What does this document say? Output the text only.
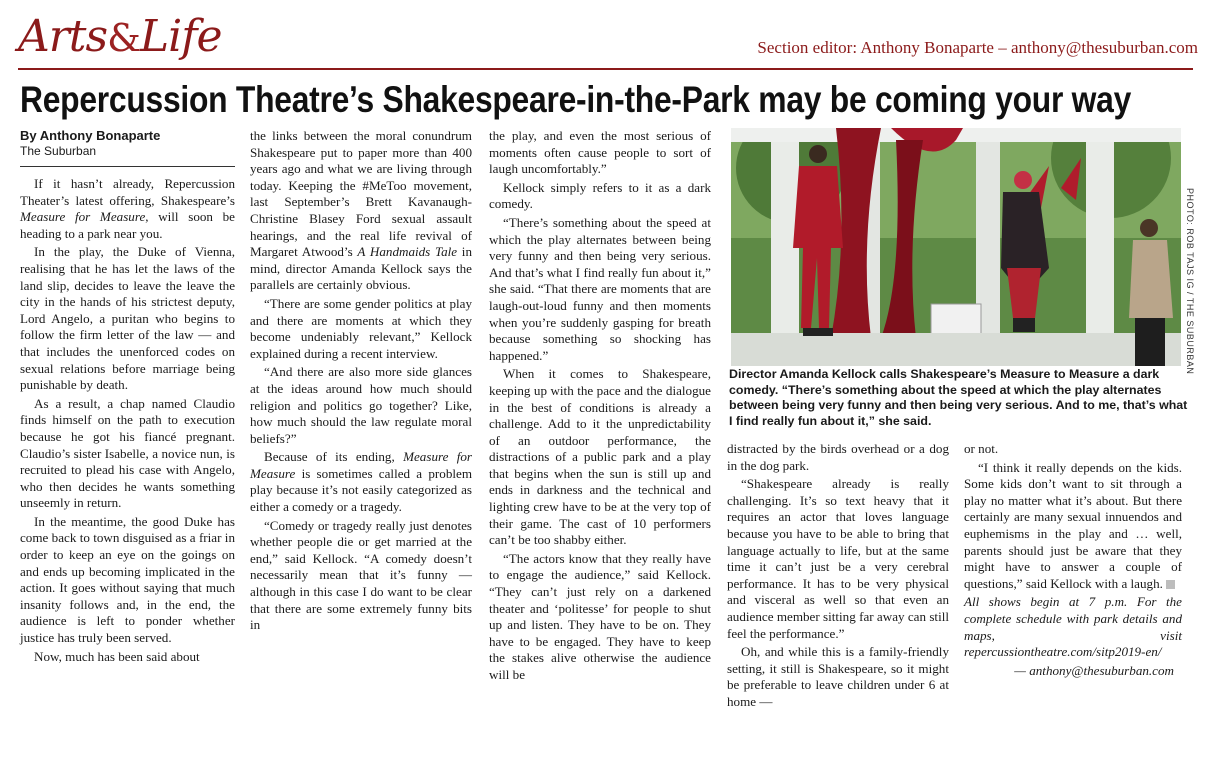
Arts&Life	Section editor: Anthony Bonaparte – anthony@thesuburban.com
Repercussion Theatre’s Shakespeare-in-the-Park may be coming your way
By Anthony Bonaparte
The Suburban

If it hasn’t already, Repercussion Theater’s latest offering, Shakespeare’s Measure for Measure, will soon be heading to a park near you.

In the play, the Duke of Vienna, realising that he has let the laws of the land slip, decides to leave the leave the city in the hands of his strictest deputy, Lord Angelo, a puritan who begins to follow the firm letter of the law — and that includes the unenforced codes on sexual relations before marriage being punishable by death.

As a result, a chap named Claudio finds himself on the path to execution because he got his fiancé pregnant. Claudio’s sister Isabelle, a novice nun, is recruited to plead his case with Angelo, who then decides he wants something unseemly in return.

In the meantime, the good Duke has come back to town disguised as a friar in order to keep an eye on the goings on and ends up becoming implicated in the action. It goes without saying that much insanity follows and, in the end, the audience is left to ponder whether justice has truly been served.

Now, much has been said about

the links between the moral conundrum Shakespeare put to paper more than 400 years ago and what we are living through today. Keeping the #MeToo movement, last September’s Brett Kavanaugh-Christine Blasey Ford sexual assault hearings, and the real life revival of Margaret Atwood’s A Handmaids Tale in mind, director Amanda Kellock says the parallels are certainly obvious.

“There are some gender politics at play and there are moments at which they become undeniably relevant,” Kellock explained during a recent interview.

“And there are also more side glances at the ideas around how much should religion and politics go together? Like, how much should the law regulate moral beliefs?”

Because of its ending, Measure for Measure is sometimes called a problem play because it’s not easily categorized as either a comedy or a tragedy.

“Comedy or tragedy really just denotes whether people die or get married at the end,” said Kellock. “A comedy doesn’t necessarily mean that it’s funny — although in this case I do want to be clear that there are some extremely funny bits in

the play, and even the most serious of moments often cause people to sort of laugh uncomfortably.”

Kellock simply refers to it as a dark comedy.

“There’s something about the speed at which the play alternates between being very funny and then being very serious. And that’s what I find really fun about it,” she said. “That there are moments that are laugh-out-loud funny and then moments when you’re suddenly gasping for breath because something so shocking has happened.”

When it comes to Shakespeare, keeping up with the pace and the dialogue in the best of conditions is already a challenge. Add to it the unpredictability of an outdoor performance, the distractions of a public park and a play that begins when the sun is still up and ends in darkness and the technical and lighting crew have to be at the very top of their game. The cast of 10 performers can’t be too shabby either.

“The actors know that they really have to engage the audience,” said Kellock. “They can’t just rely on a darkened theater and ‘politesse’ for people to shut up and listen. They have to be on. They have to be engaged. They have to keep the stakes alive otherwise the audience will be

PHOTO: ROB TAJS IG / THE SUBURBAN
Director Amanda Kellock calls Shakespeare’s Measure to Measure a dark comedy. “There’s something about the speed at which the play alternates between being very funny and then being very serious. And to me, that’s what I find really fun about it,” she said.

distracted by the birds overhead or a dog in the dog park.

“Shakespeare already is really challenging. It’s so text heavy that it requires an actor that loves language because you have to be able to bring that language actually to life, but at the same time it can’t just be a very cerebral performance. It has to be very physical and visceral as well so that even an audience member sitting far away can still feel the performance.”

Oh, and while this is a family-friendly setting, it still is Shakespeare, so it might be preferable to leave children under 6 at home —

or not.

“I think it really depends on the kids. Some kids don’t want to sit through a play no matter what it’s about. But there certainly are many sexual innuendos and euphemisms in the play and … well, parents should just be aware that they might have to answer a couple of questions,” said Kellock with a laugh.

All shows begin at 7 p.m. For the complete schedule with park details and maps, visit repercussiontheatre.com/sitp2019-en/

— anthony@thesuburban.com
